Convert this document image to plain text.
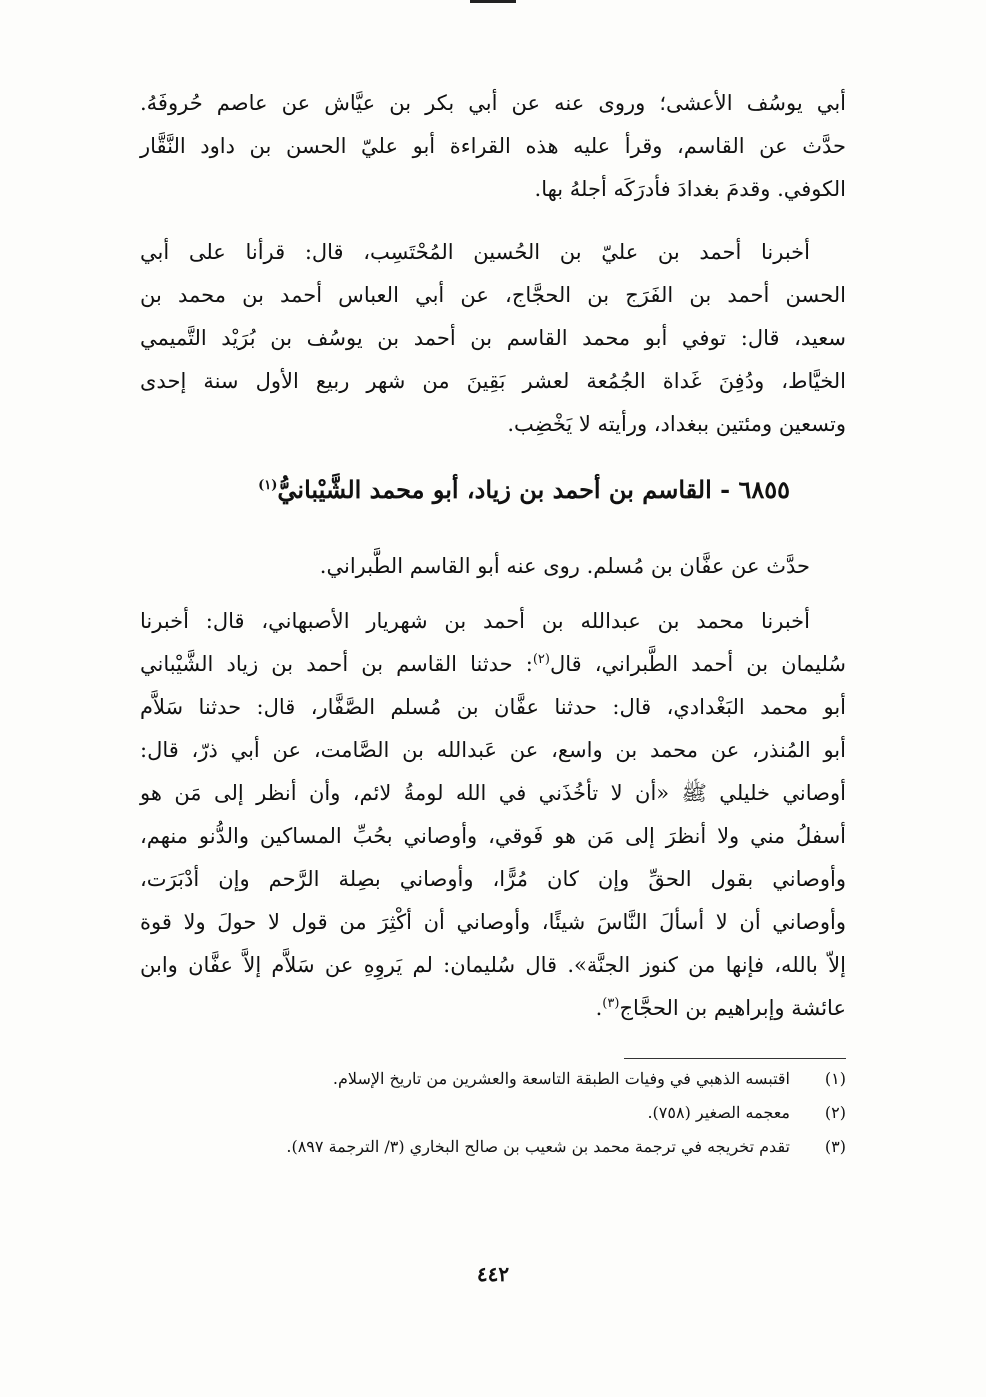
أبي يوسُف الأعشى؛ وروى عنه عن أبي بكر بن عيَّاش عن عاصم حُروفَهُ.
حدَّث عن القاسم، وقرأ عليه هذه القراءة أبو عليّ الحسن بن داود النَّقَّار
الكوفي. وقدمَ بغدادَ فأدرَكَه أجلهُ بها.
أخبرنا أحمد بن عليّ بن الحُسين المُحْتَسِب، قال: قرأنا على أبي
الحسن أحمد بن الفَرَج بن الحجَّاج، عن أبي العباس أحمد بن محمد بن
سعيد، قال: توفي أبو محمد القاسم بن أحمد بن يوسُف بن بُرَيْد التَّميمي
الخيَّاط، ودُفِنَ غَداة الجُمُعة لعشر بَقِينَ من شهر ربيع الأول سنة إحدى
وتسعين ومئتين ببغداد، ورأيته لا يَخْضِب.
٦٨٥٥ - القاسم بن أحمد بن زياد، أبو محمد الشَّيْبانيُّ$^{(١)}$
حدَّث عن عفَّان بن مُسلم. روى عنه أبو القاسم الطَّبراني.
أخبرنا محمد بن عبدالله بن أحمد بن شهريار الأصبهاني، قال: أخبرنا
سُليمان بن أحمد الطَّبراني، قال$^{(٢)}$: حدثنا القاسم بن أحمد بن زياد الشَّيْباني
أبو محمد البَغْدادي، قال: حدثنا عفَّان بن مُسلم الصَّفَّار، قال: حدثنا سَلاَّم
أبو المُنذر، عن محمد بن واسع، عن عَبدالله بن الصَّامت، عن أبي ذرّ، قال:
أوصاني خليلي ﷺ «أن لا تأخُذَني في الله لومةُ لائم، وأن أنظر إلى مَن هو
أسفلُ مني ولا أنظرَ إلى مَن هو فَوقي، وأوصاني بحُبِّ المساكين والدُّنو منهم،
وأوصاني بقول الحقِّ وإن كان مُرًّا، وأوصاني بصِلة الرَّحم وإن أدْبَرَت،
وأوصاني أن لا أسألَ النَّاسَ شيئًا، وأوصاني أن أكْثِرَ من قول لا حولَ ولا قوة
إلاّ بالله، فإنها من كنوز الجنَّة». قال سُليمان: لم يَروِهِ عن سَلاَّم إلاَّ عفَّان وابن
عائشة وإبراهيم بن الحجَّاج$^{(٣)}$.
(١)
اقتبسه الذهبي في وفيات الطبقة التاسعة والعشرين من تاريخ الإسلام.
(٢)
معجمه الصغير (٧٥٨).
(٣)
تقدم تخريجه في ترجمة محمد بن شعيب بن صالح البخاري (٣/ الترجمة ٨٩٧).
٤٤٢
